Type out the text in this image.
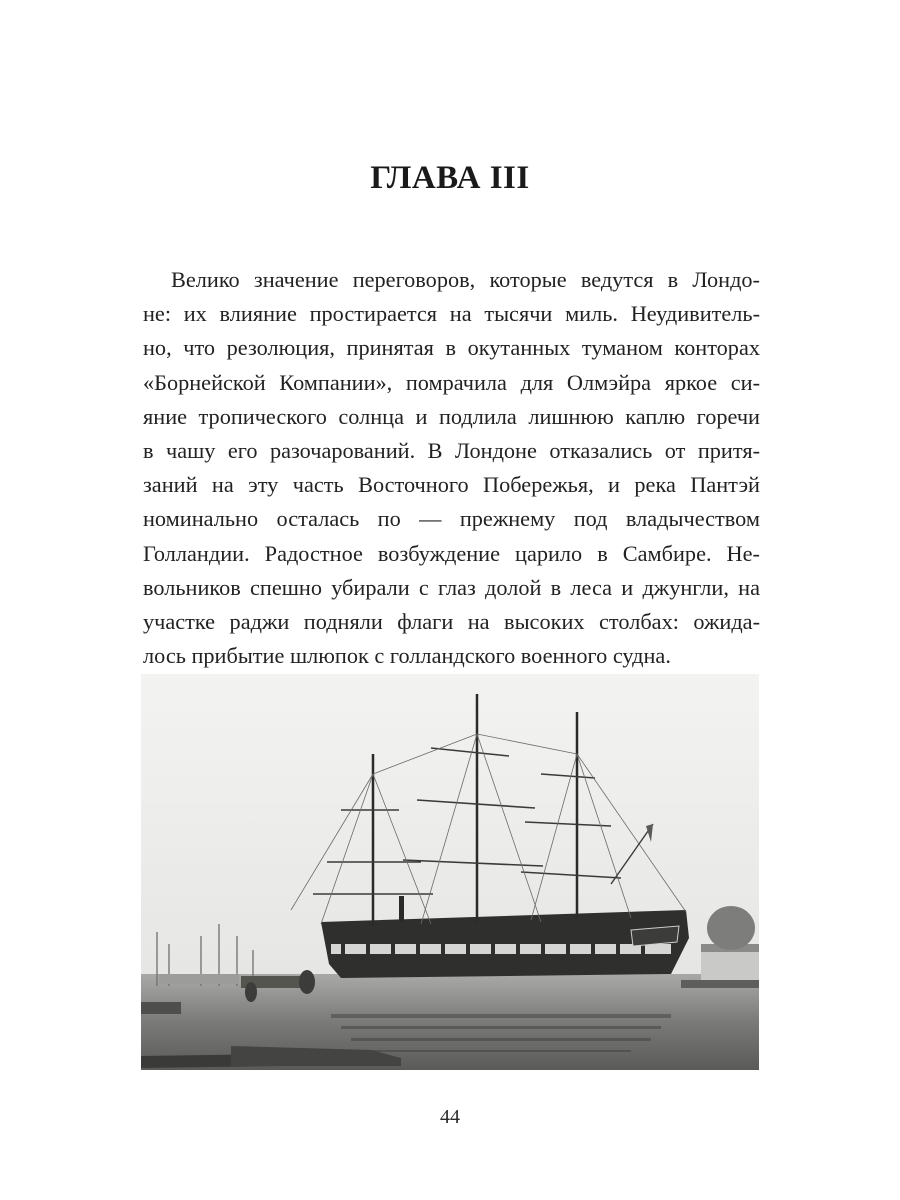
ГЛАВА III
Велико значение переговоров, которые ведутся в Лондо-
не: их влияние простирается на тысячи миль. Неудивитель-
но, что резолюция, принятая в окутанных туманом конторах
«Борнейской Компании», помрачила для Олмэйра яркое си-
яние тропического солнца и подлила лишнюю каплю горечи
в чашу его разочарований. В Лондоне отказались от притя-
заний на эту часть Восточного Побережья, и река Пантэй
номинально осталась по — прежнему под владычеством
Голландии. Радостное возбуждение царило в Самбире. Не-
вольников спешно убирали с глаз долой в леса и джунгли, на
участке раджи подняли флаги на высоких столбах: ожида-
лось прибытие шлюпок с голландского военного судна.
44
